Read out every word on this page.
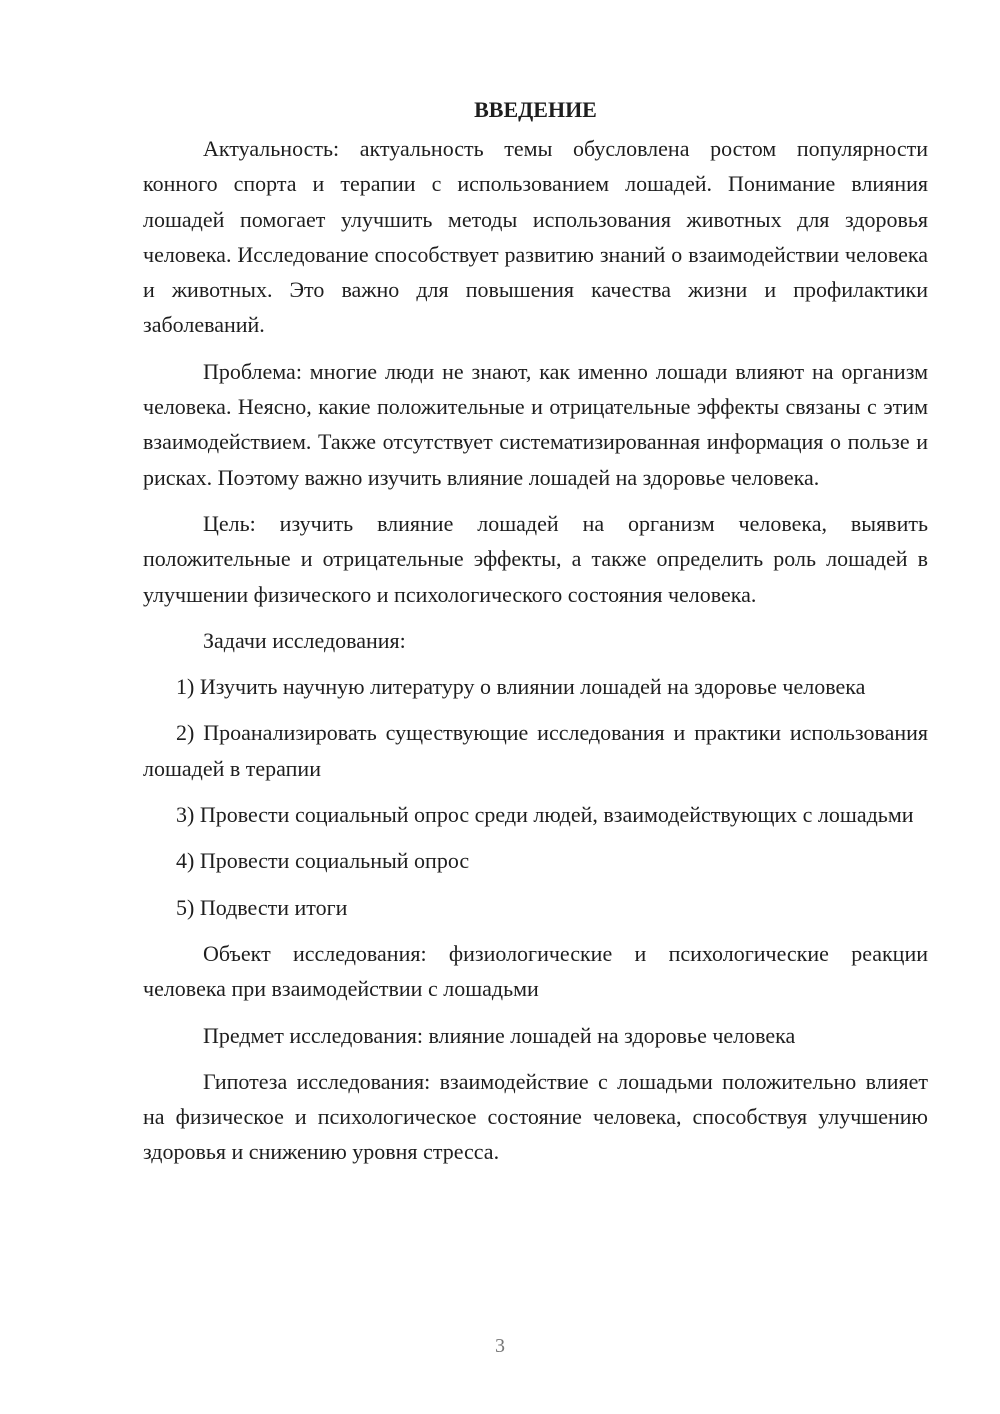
ВВЕДЕНИЕ

Актуальность: актуальность темы обусловлена ростом популярности конного спорта и терапии с использованием лошадей. Понимание влияния лошадей помогает улучшить методы использования животных для здоровья человека. Исследование способствует развитию знаний о взаимодействии человека и животных. Это важно для повышения качества жизни и профилактики заболеваний.

Проблема: многие люди не знают, как именно лошади влияют на организм человека. Неясно, какие положительные и отрицательные эффекты связаны с этим взаимодействием. Также отсутствует систематизированная информация о пользе и рисках. Поэтому важно изучить влияние лошадей на здоровье человека.

Цель: изучить влияние лошадей на организм человека, выявить положительные и отрицательные эффекты, а также определить роль лошадей в улучшении физического и психологического состояния человека.

Задачи исследования:

1) Изучить научную литературу о влиянии лошадей на здоровье человека

2) Проанализировать существующие исследования и практики использования лошадей в терапии

3) Провести социальный опрос среди людей, взаимодействующих с лошадьми

4) Провести социальный опрос

5) Подвести итоги

Объект исследования: физиологические и психологические реакции человека при взаимодействии с лошадьми

Предмет исследования: влияние лошадей на здоровье человека

Гипотеза исследования: взаимодействие с лошадьми положительно влияет на физическое и психологическое состояние человека, способствуя улучшению здоровья и снижению уровня стресса.

3
